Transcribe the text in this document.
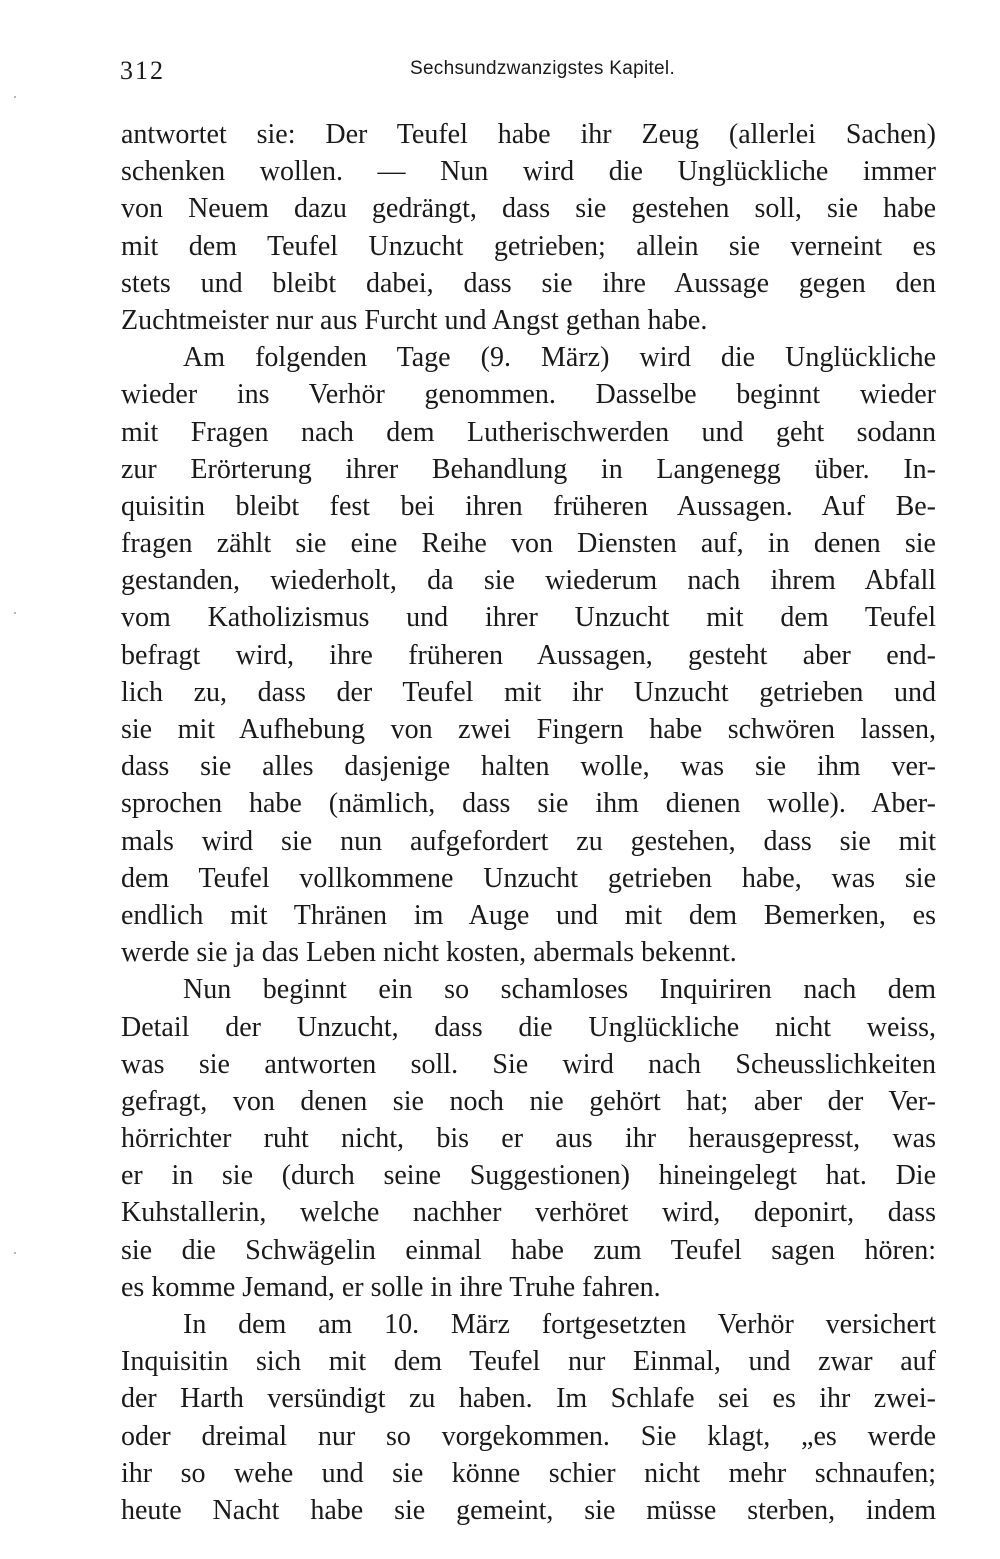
312	Sechsundzwanzigstes Kapitel.
antwortet sie: Der Teufel habe ihr Zeug (allerlei Sachen)
schenken wollen. — Nun wird die Unglückliche immer
von Neuem dazu gedrängt, dass sie gestehen soll, sie habe
mit dem Teufel Unzucht getrieben; allein sie verneint es
stets und bleibt dabei, dass sie ihre Aussage gegen den
Zuchtmeister nur aus Furcht und Angst gethan habe.
Am folgenden Tage (9. März) wird die Unglückliche
wieder ins Verhör genommen. Dasselbe beginnt wieder
mit Fragen nach dem Lutherischwerden und geht sodann
zur Erörterung ihrer Behandlung in Langenegg über. In-
quisitin bleibt fest bei ihren früheren Aussagen. Auf Be-
fragen zählt sie eine Reihe von Diensten auf, in denen sie
gestanden, wiederholt, da sie wiederum nach ihrem Abfall
vom Katholizismus und ihrer Unzucht mit dem Teufel
befragt wird, ihre früheren Aussagen, gesteht aber end-
lich zu, dass der Teufel mit ihr Unzucht getrieben und
sie mit Aufhebung von zwei Fingern habe schwören lassen,
dass sie alles dasjenige halten wolle, was sie ihm ver-
sprochen habe (nämlich, dass sie ihm dienen wolle). Aber-
mals wird sie nun aufgefordert zu gestehen, dass sie mit
dem Teufel vollkommene Unzucht getrieben habe, was sie
endlich mit Thränen im Auge und mit dem Bemerken, es
werde sie ja das Leben nicht kosten, abermals bekennt.
Nun beginnt ein so schamloses Inquiriren nach dem
Detail der Unzucht, dass die Unglückliche nicht weiss,
was sie antworten soll. Sie wird nach Scheusslichkeiten
gefragt, von denen sie noch nie gehört hat; aber der Ver-
hörrichter ruht nicht, bis er aus ihr herausgepresst, was
er in sie (durch seine Suggestionen) hineingelegt hat. Die
Kuhstallerin, welche nachher verhöret wird, deponirt, dass
sie die Schwägelin einmal habe zum Teufel sagen hören:
es komme Jemand, er solle in ihre Truhe fahren.
In dem am 10. März fortgesetzten Verhör versichert
Inquisitin sich mit dem Teufel nur Einmal, und zwar auf
der Harth versündigt zu haben. Im Schlafe sei es ihr zwei-
oder dreimal nur so vorgekommen. Sie klagt, „es werde
ihr so wehe und sie könne schier nicht mehr schnaufen;
heute Nacht habe sie gemeint, sie müsse sterben, indem
